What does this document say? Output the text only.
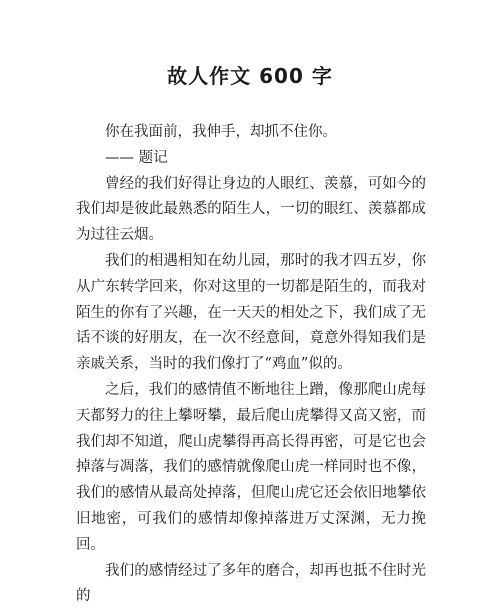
故人作文 600 字

你在我面前，我伸手，却抓不住你。

—— 题记

曾经的我们好得让身边的人眼红、羡慕，可如今的我们却是彼此最熟悉的陌生人，一切的眼红、羡慕都成为过往云烟。

我们的相遇相知在幼儿园，那时的我才四五岁，你从广东转学回来，你对这里的一切都是陌生的，而我对陌生的你有了兴趣，在一天天的相处之下，我们成了无话不谈的好朋友，在一次不经意间，竟意外得知我们是亲戚关系，当时的我们像打了“鸡血”似的。

之后，我们的感情值不断地往上蹭，像那爬山虎每天都努力的往上攀呀攀，最后爬山虎攀得又高又密，而我们却不知道，爬山虎攀得再高长得再密，可是它也会掉落与凋落，我们的感情就像爬山虎一样同时也不像，我们的感情从最高处掉落，但爬山虎它还会依旧地攀依旧地密，可我们的感情却像掉落进万丈深渊，无力挽回。

我们的感情经过了多年的磨合，却再也抵不住时光的
